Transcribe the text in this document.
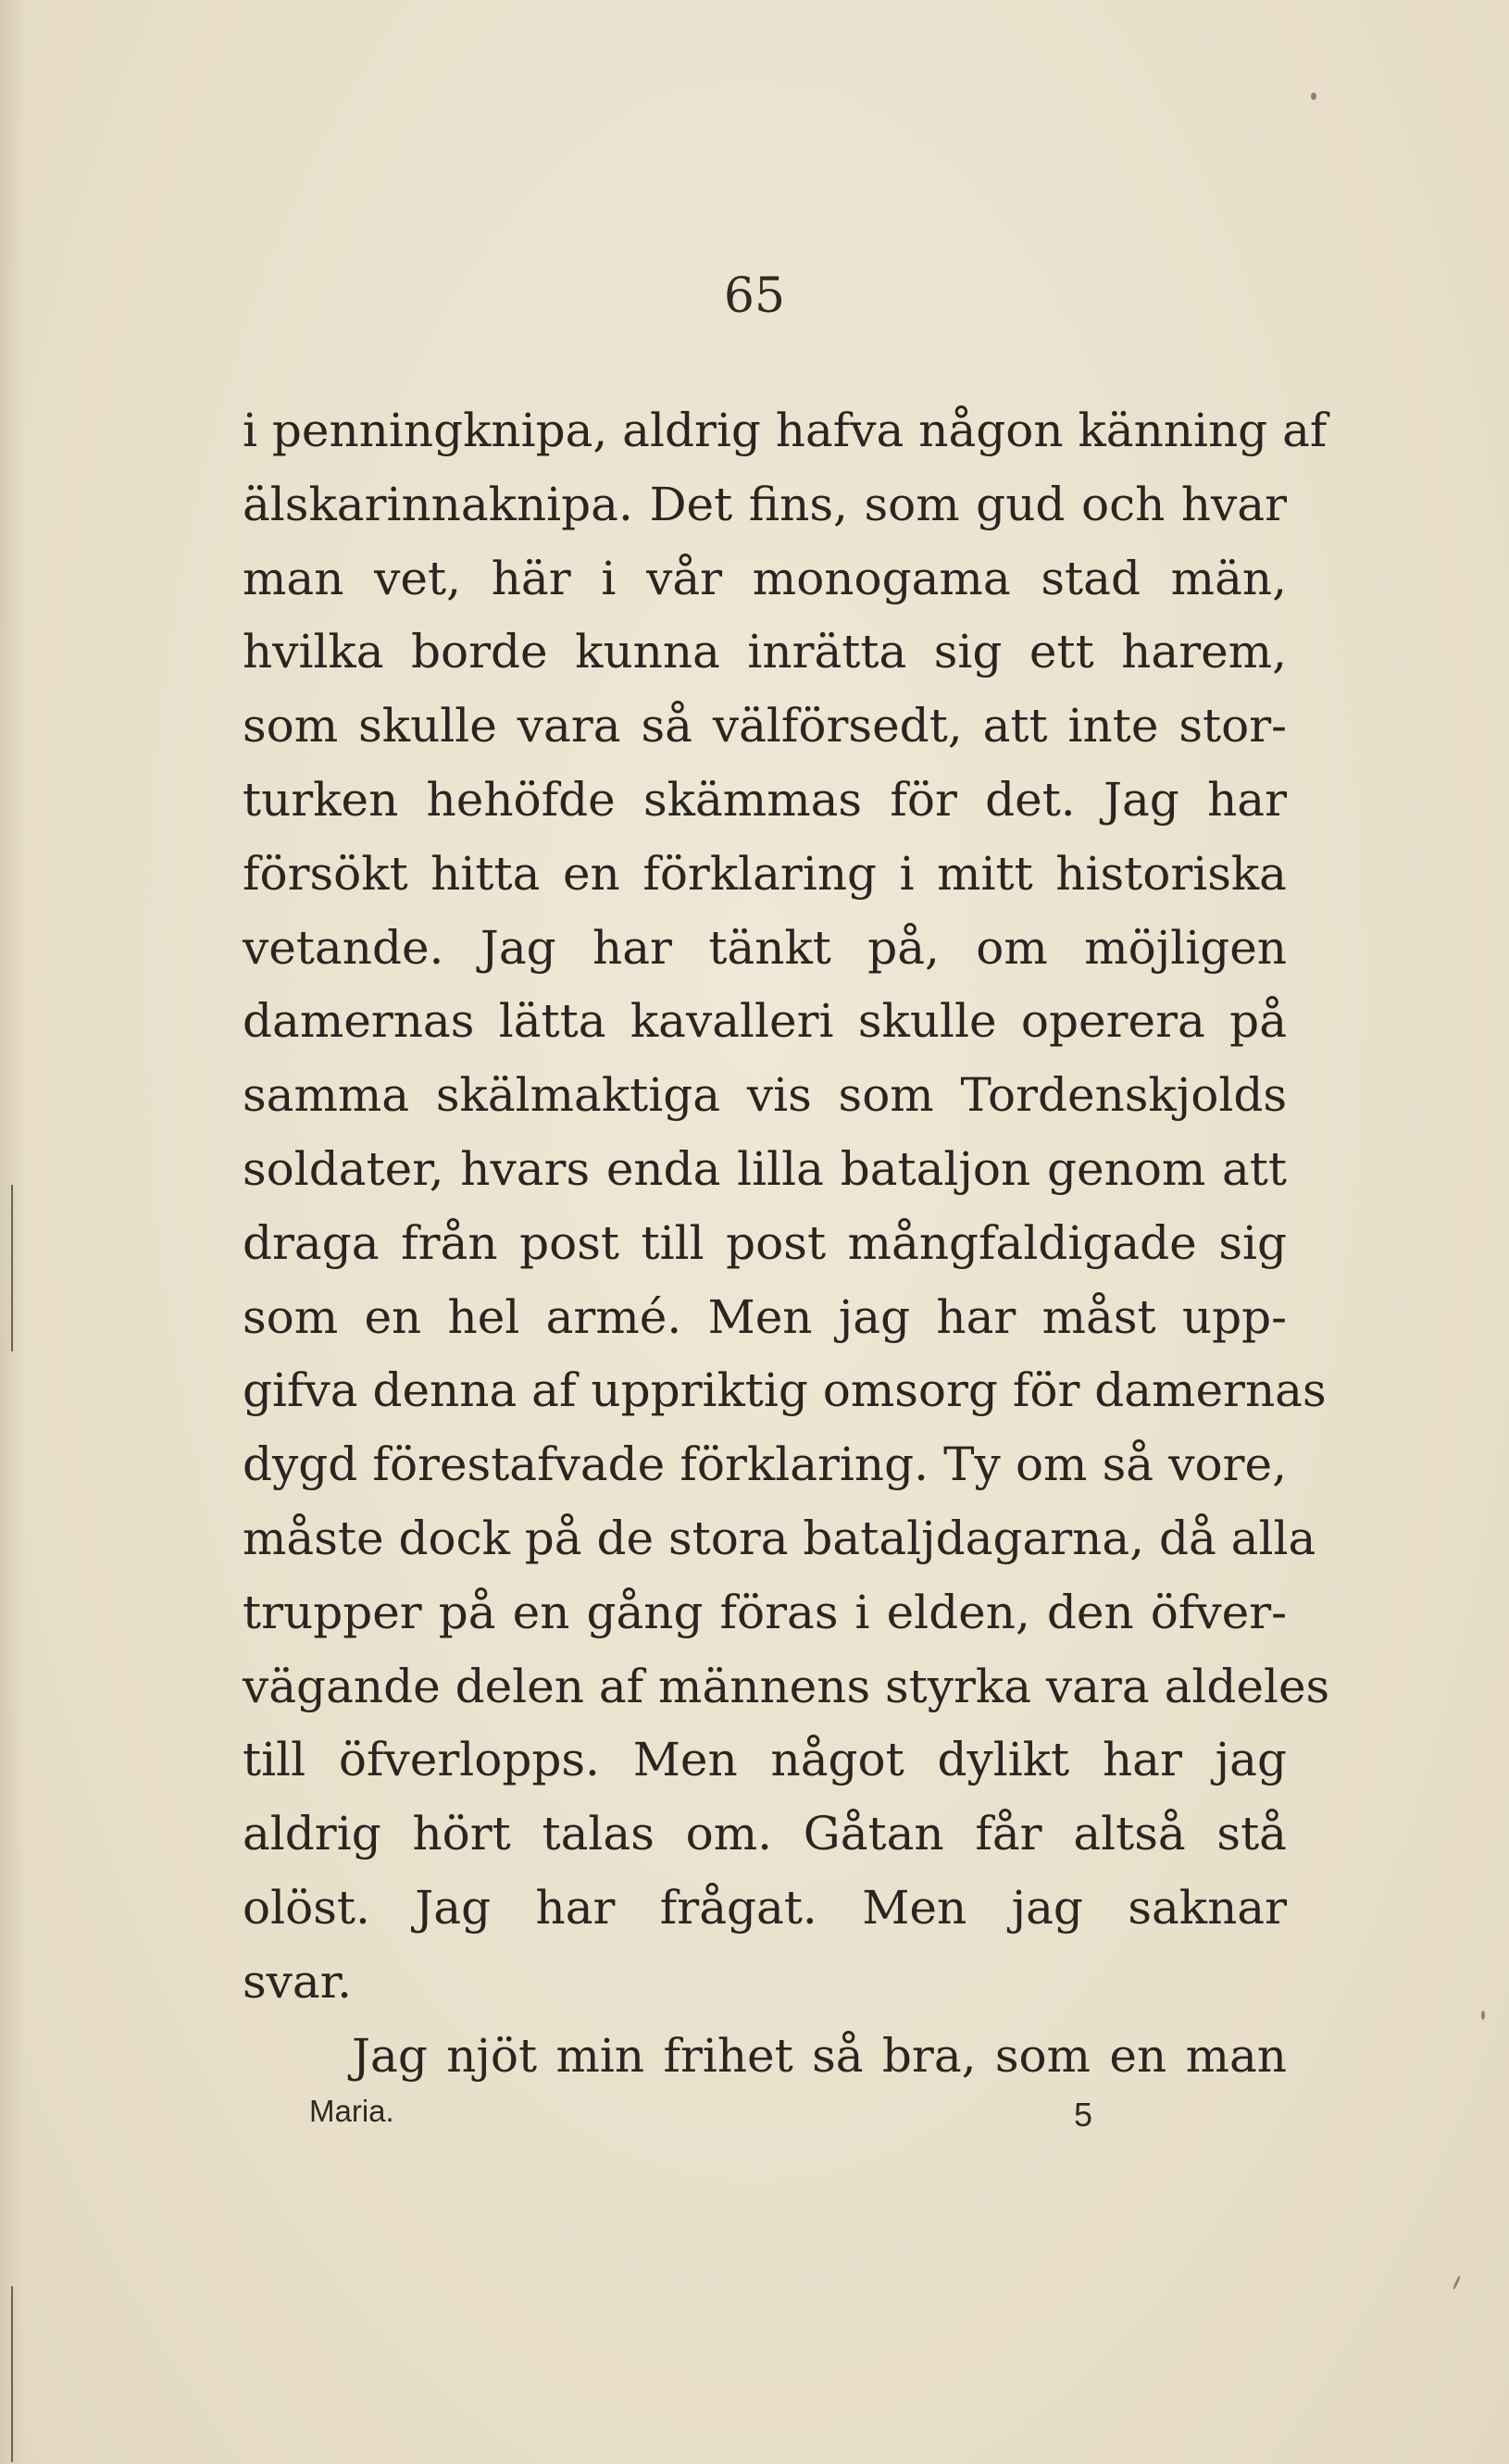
65
i penningknipa, aldrig hafva någon känning af
älskarinnaknipa. Det fins, som gud och hvar
man vet, här i vår monogama stad män,
hvilka borde kunna inrätta sig ett harem,
som skulle vara så välförsedt, att inte stor-
turken hehöfde skämmas för det. Jag har
försökt hitta en förklaring i mitt historiska
vetande. Jag har tänkt på, om möjligen
damernas lätta kavalleri skulle operera på
samma skälmaktiga vis som Tordenskjolds
soldater, hvars enda lilla bataljon genom att
draga från post till post mångfaldigade sig
som en hel armé. Men jag har måst upp-
gifva denna af uppriktig omsorg för damernas
dygd förestafvade förklaring. Ty om så vore,
måste dock på de stora bataljdagarna, då alla
trupper på en gång föras i elden, den öfver-
vägande delen af männens styrka vara aldeles
till öfverlopps. Men något dylikt har jag
aldrig hört talas om. Gåtan får altså stå
olöst. Jag har frågat. Men jag saknar
svar.
Jag njöt min frihet så bra, som en man
Maria.	5
